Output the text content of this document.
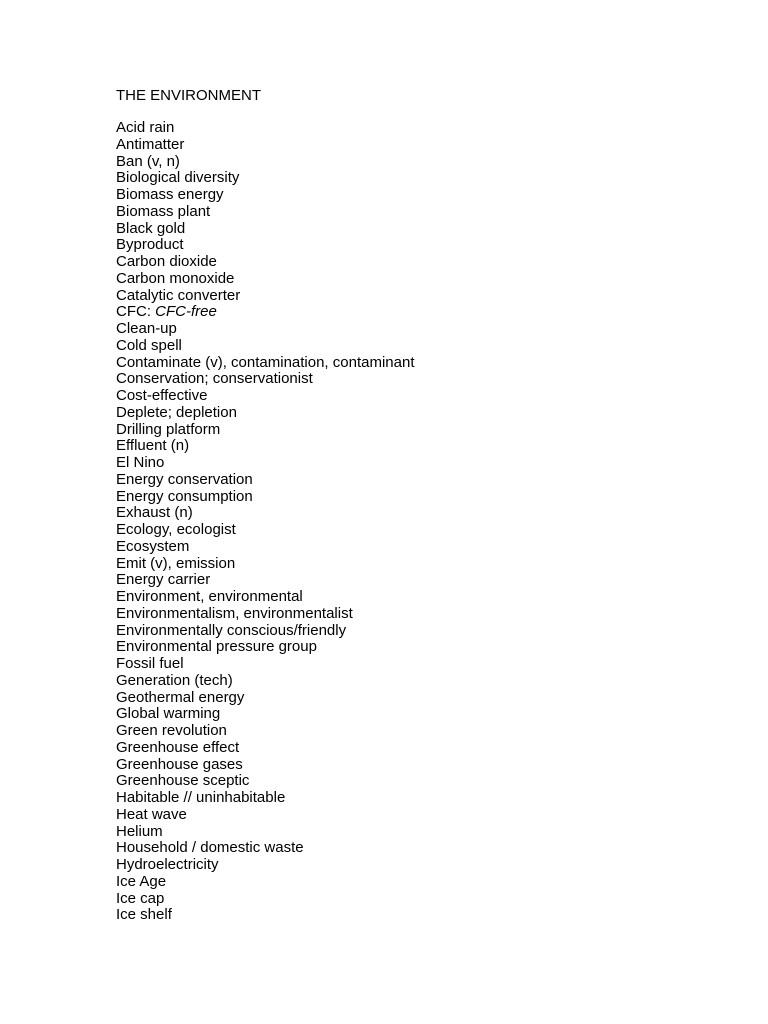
THE ENVIRONMENT
Acid rain
Antimatter
Ban (v, n)
Biological diversity
Biomass energy
Biomass plant
Black gold
Byproduct
Carbon dioxide
Carbon monoxide
Catalytic converter
CFC: CFC-free
Clean-up
Cold spell
Contaminate (v), contamination, contaminant
Conservation; conservationist
Cost-effective
Deplete; depletion
Drilling platform
Effluent (n)
El Nino
Energy conservation
Energy consumption
Exhaust (n)
Ecology, ecologist
Ecosystem
Emit (v), emission
Energy carrier
Environment, environmental
Environmentalism, environmentalist
Environmentally conscious/friendly
Environmental pressure group
Fossil fuel
Generation (tech)
Geothermal energy
Global warming
Green revolution
Greenhouse effect
Greenhouse gases
Greenhouse sceptic
Habitable // uninhabitable
Heat wave
Helium
Household / domestic waste
Hydroelectricity
Ice Age
Ice cap
Ice shelf
